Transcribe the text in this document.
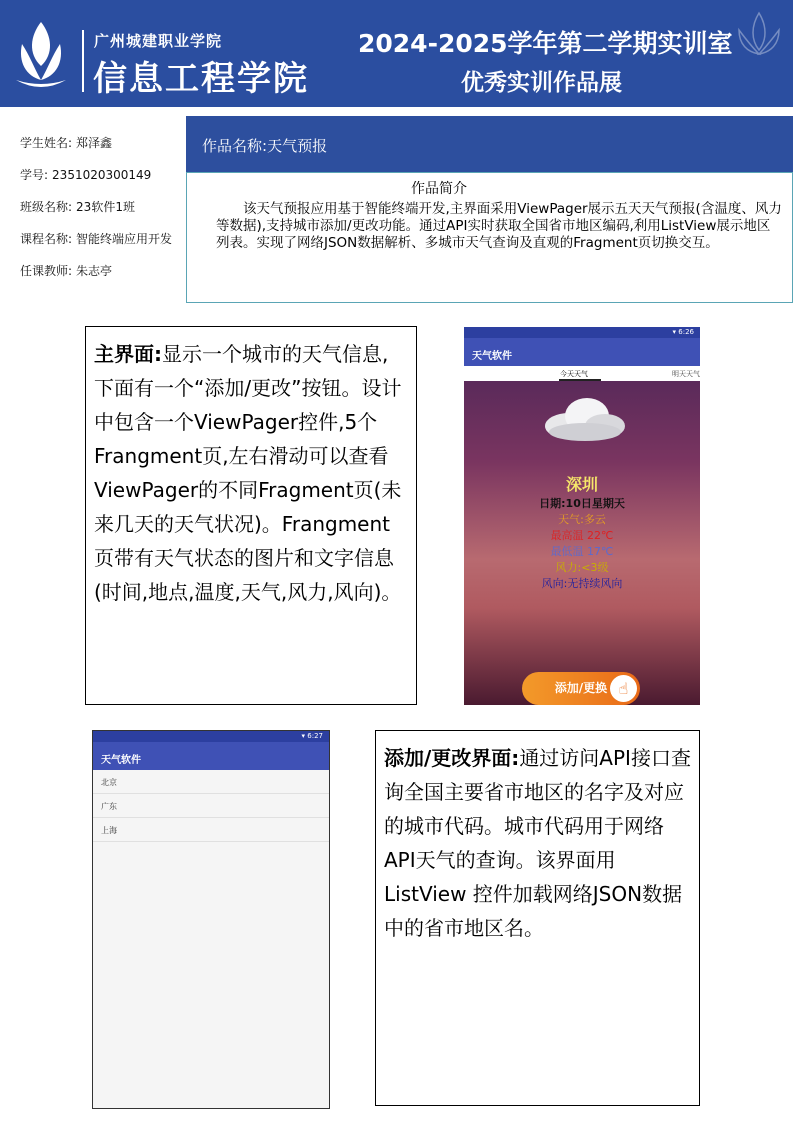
广州城建职业学院
信息工程学院
2024-2025学年第二学期实训室
优秀实训作品展
学生姓名: 郑泽鑫
学号: 2351020300149
班级名称: 23软件1班
课程名称: 智能终端应用开发
任课教师: 朱志亭
作品名称:天气预报
作品简介
该天气预报应用基于智能终端开发,主界面采用ViewPager展示五天天气预报(含温度、风力等数据),支持城市添加/更改功能。通过API实时获取全国省市地区编码,利用ListView展示地区列表。实现了网络JSON数据解析、多城市天气查询及直观的Fragment页切换交互。
主界面:显示一个城市的天气信息,下面有一个“添加/更改”按钮。设计中包含一个ViewPager控件,5个Frangment页,左右滑动可以查看ViewPager的不同Fragment页(未来几天的天气状况)。Frangment页带有天气状态的图片和文字信息(时间,地点,温度,天气,风力,风向)。
▾ 6:26
天气软件
今天天气	明天天气
深圳
日期:10日星期天
天气:多云
最高温 22℃
最低温 17℃
风力:<3级
风向:无持续风向
添加/更换 ☝
▾ 6:27
天气软件
北京
广东
上海
添加/更改界面:通过访问API接口查询全国主要省市地区的名字及对应的城市代码。城市代码用于网络API天气的查询。该界面用 ListView 控件加载网络JSON数据中的省市地区名。
